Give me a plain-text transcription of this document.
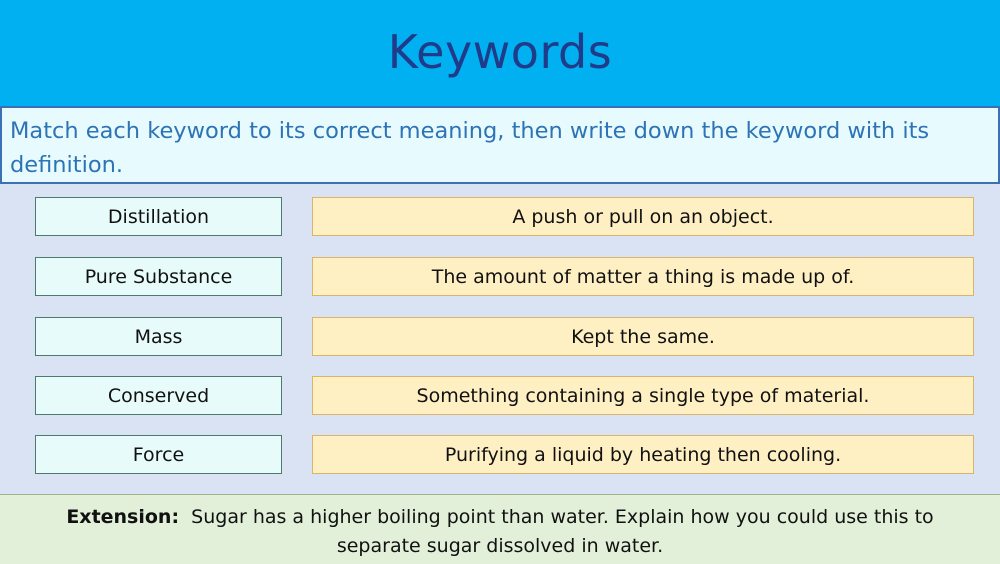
Keywords
Match each keyword to its correct meaning, then write down the keyword with its definition.
Distillation	A push or pull on an object.
Pure Substance	The amount of matter a thing is made up of.
Mass	Kept the same.
Conserved	Something containing a single type of material.
Force	Purifying a liquid by heating then cooling.
Extension: Sugar has a higher boiling point than water. Explain how you could use this to separate sugar dissolved in water.
